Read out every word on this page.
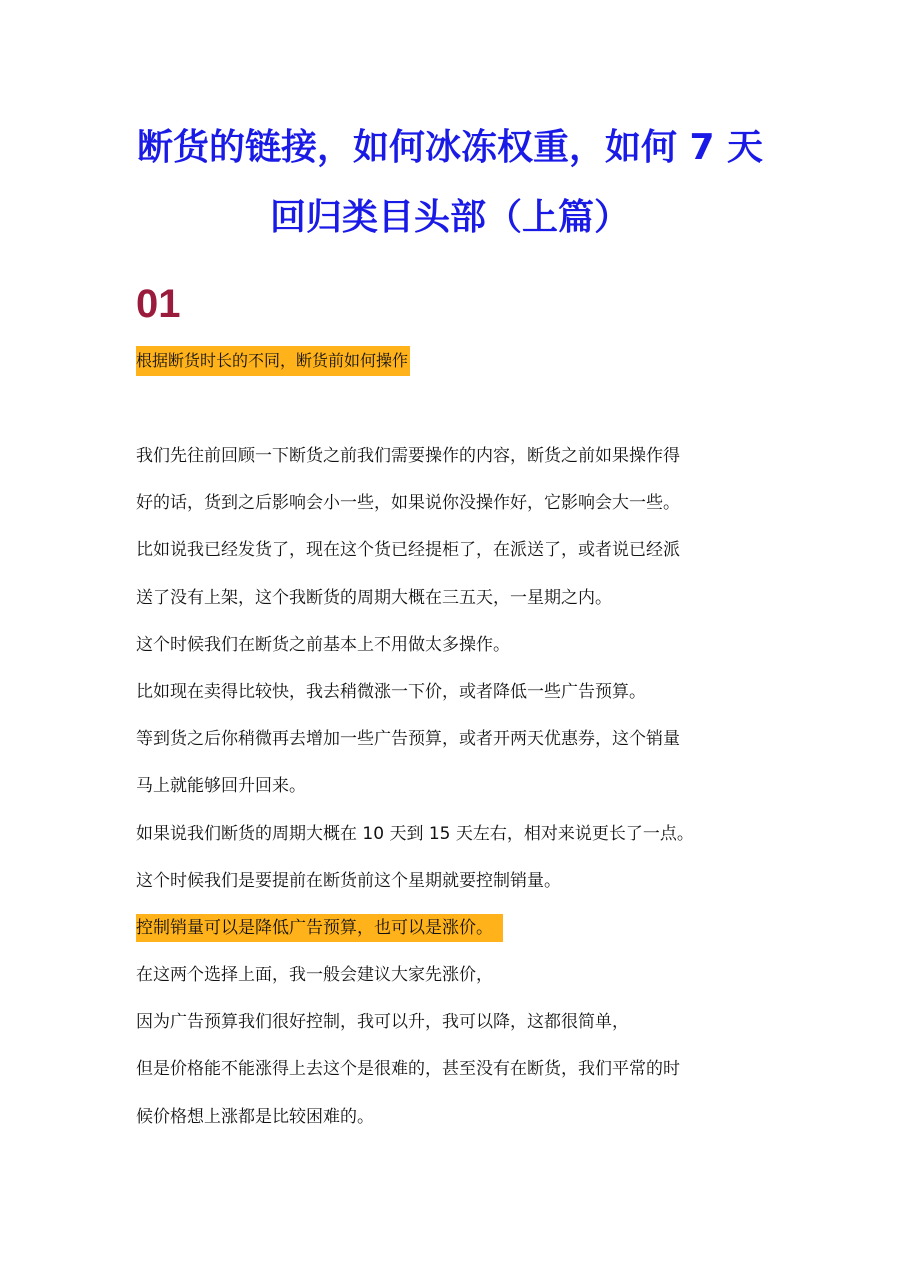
断货的链接，如何冰冻权重，如何 7 天
回归类目头部（上篇）
01

根据断货时长的不同，断货前如何操作

我们先往前回顾一下断货之前我们需要操作的内容，断货之前如果操作得

好的话，货到之后影响会小一些，如果说你没操作好，它影响会大一些。

比如说我已经发货了，现在这个货已经提柜了，在派送了，或者说已经派

送了没有上架，这个我断货的周期大概在三五天，一星期之内。

这个时候我们在断货之前基本上不用做太多操作。

比如现在卖得比较快，我去稍微涨一下价，或者降低一些广告预算。

等到货之后你稍微再去增加一些广告预算，或者开两天优惠券，这个销量

马上就能够回升回来。

如果说我们断货的周期大概在 10 天到 15 天左右，相对来说更长了一点。

这个时候我们是要提前在断货前这个星期就要控制销量。

控制销量可以是降低广告预算，也可以是涨价。

在这两个选择上面，我一般会建议大家先涨价，

因为广告预算我们很好控制，我可以升，我可以降，这都很简单，

但是价格能不能涨得上去这个是很难的，甚至没有在断货，我们平常的时

候价格想上涨都是比较困难的。
